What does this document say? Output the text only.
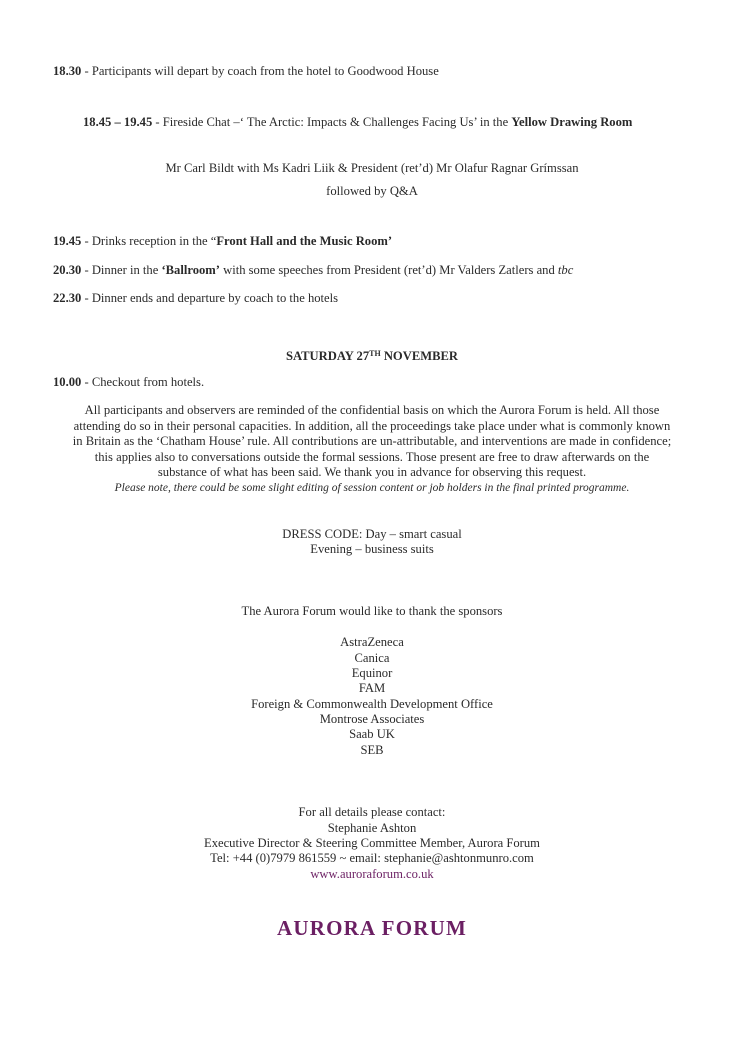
18.30 - Participants will depart by coach from the hotel to Goodwood House
18.45 – 19.45 - Fireside Chat –‘ The Arctic: Impacts & Challenges Facing Us’ in the Yellow Drawing Room
Mr Carl Bildt with Ms Kadri Liik & President (ret’d) Mr Olafur Ragnar Grímssan
followed by Q&A
19.45 - Drinks reception in the “Front Hall and the Music Room’
20.30 - Dinner in the ‘Ballroom’ with some speeches from President (ret’d) Mr Valders Zatlers and tbc
22.30 - Dinner ends and departure by coach to the hotels
SATURDAY 27TH NOVEMBER
10.00 - Checkout from hotels.
All participants and observers are reminded of the confidential basis on which the Aurora Forum is held. All those
attending do so in their personal capacities. In addition, all the proceedings take place under what is commonly known
in Britain as the ‘Chatham House’ rule. All contributions are un-attributable, and interventions are made in confidence;
this applies also to conversations outside the formal sessions. Those present are free to draw afterwards on the
substance of what has been said. We thank you in advance for observing this request.
Please note, there could be some slight editing of session content or job holders in the final printed programme.
DRESS CODE: Day – smart casual
Evening – business suits
The Aurora Forum would like to thank the sponsors
AstraZeneca
Canica
Equinor
FAM
Foreign & Commonwealth Development Office
Montrose Associates
Saab UK
SEB
For all details please contact:
Stephanie Ashton
Executive Director & Steering Committee Member, Aurora Forum
Tel: +44 (0)7979 861559 ~ email: stephanie@ashtonmunro.com
www.auroraforum.co.uk
AURORA FORUM
